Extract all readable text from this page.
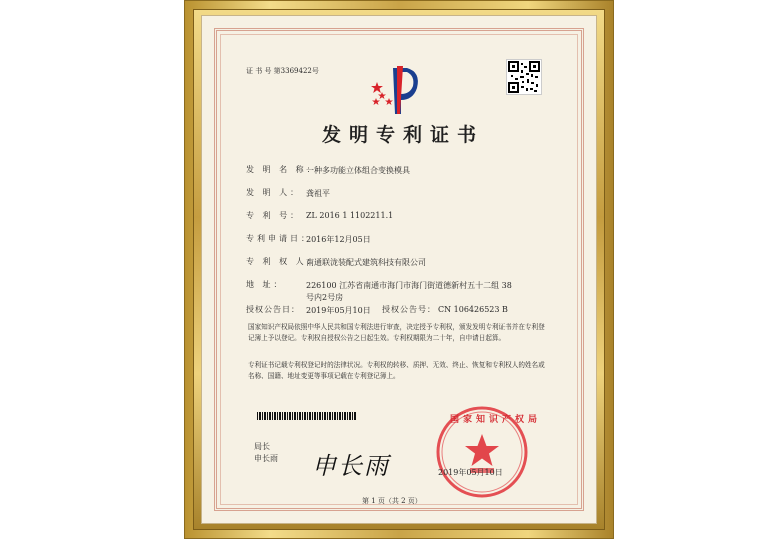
证 书 号 第3369422号
发明专利证书
发 明 名 称：
一种多功能立体组合变换模具
发 明 人： 龚祖平
专 利 号： ZL 2016 1 1102211.1
专利申请日：
2016年12月05日
专 利 权 人：
南通联泷装配式建筑科技有限公司
地 址：	226100 江苏省南通市海门市海门街道德新村五十二组 38
号内2号房
授权公告日： 2019年05月10日 授权公告号： CN 106426523 B
国家知识产权局依照中华人民共和国专利法进行审查，决定授予专利权，颁发发明专利证书并在专利登记簿上予以登记。专利权自授权公告之日起生效。专利权期限为二十年，自申请日起算。
专利证书记载专利权登记时的法律状况。专利权的转移、质押、无效、终止、恢复和专利权人的姓名或名称、国籍、地址变更等事项记载在专利登记簿上。
局长
申长雨 申长雨
国家知识产权局
2019年05月10日
第 1 页（共 2 页）
